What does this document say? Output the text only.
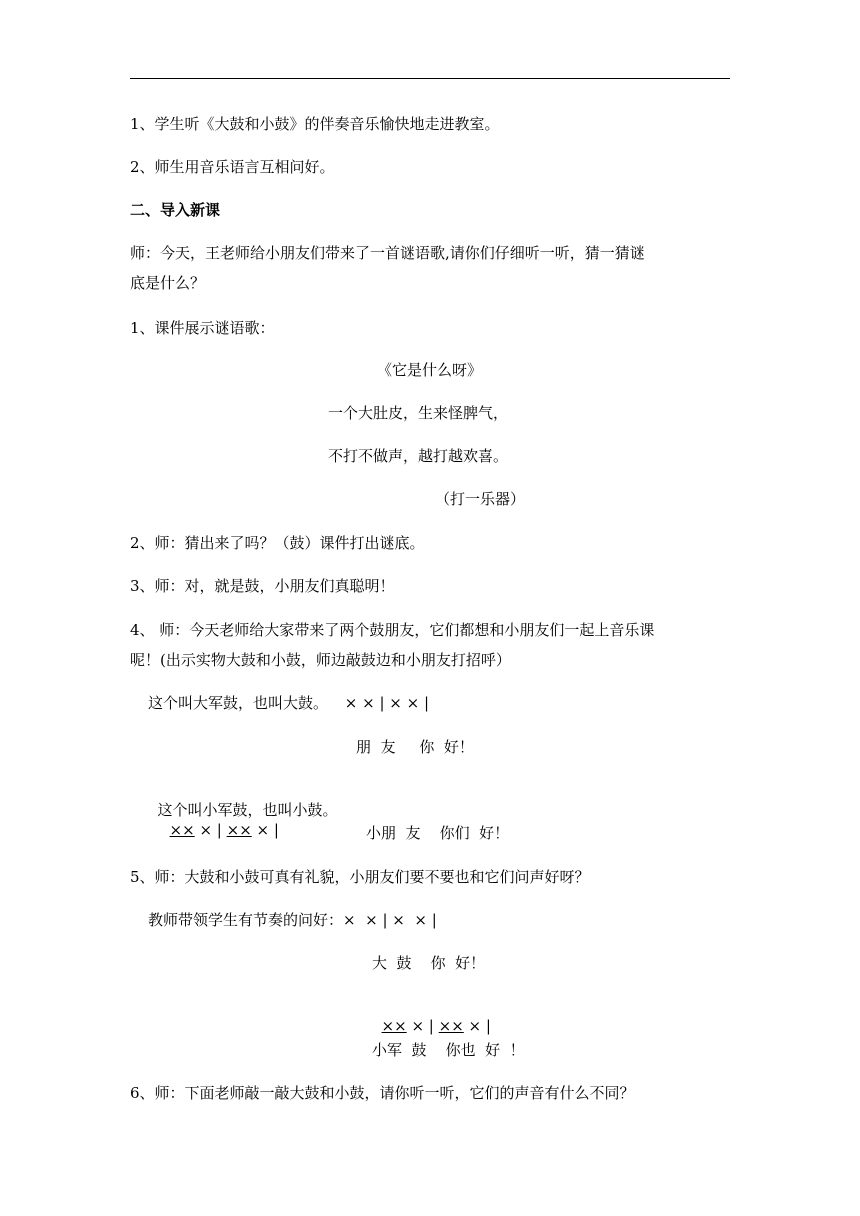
1、学生听《大鼓和小鼓》的伴奏音乐愉快地走进教室。
2、师生用音乐语言互相问好。
二、导入新课
师：今天，王老师给小朋友们带来了一首谜语歌,请你们仔细听一听，猜一猜谜
底是什么？
1、课件展示谜语歌：
《它是什么呀》
一个大肚皮，生来怪脾气，
不打不做声，越打越欢喜。
（打一乐器）
2、师：猜出来了吗？（鼓）课件打出谜底。
3、师：对，就是鼓，小朋友们真聪明！
4、 师：今天老师给大家带来了两个鼓朋友，它们都想和小朋友们一起上音乐课
呢！(出示实物大鼓和小鼓，师边敲鼓边和小朋友打招呼）
这个叫大军鼓，也叫大鼓。 × × | × × |
朋  友     你  好！

这个叫小军鼓，也叫小鼓。
×× × | ×× × |	小朋  友    你们  好！
5、师：大鼓和小鼓可真有礼貌，小朋友们要不要也和它们问声好呀？
教师带领学生有节奏的问好：×  × | ×  × |
大  鼓    你  好！

×× × | ×× × |

小军  鼓    你也  好  ！
6、师：下面老师敲一敲大鼓和小鼓，请你听一听，它们的声音有什么不同？
